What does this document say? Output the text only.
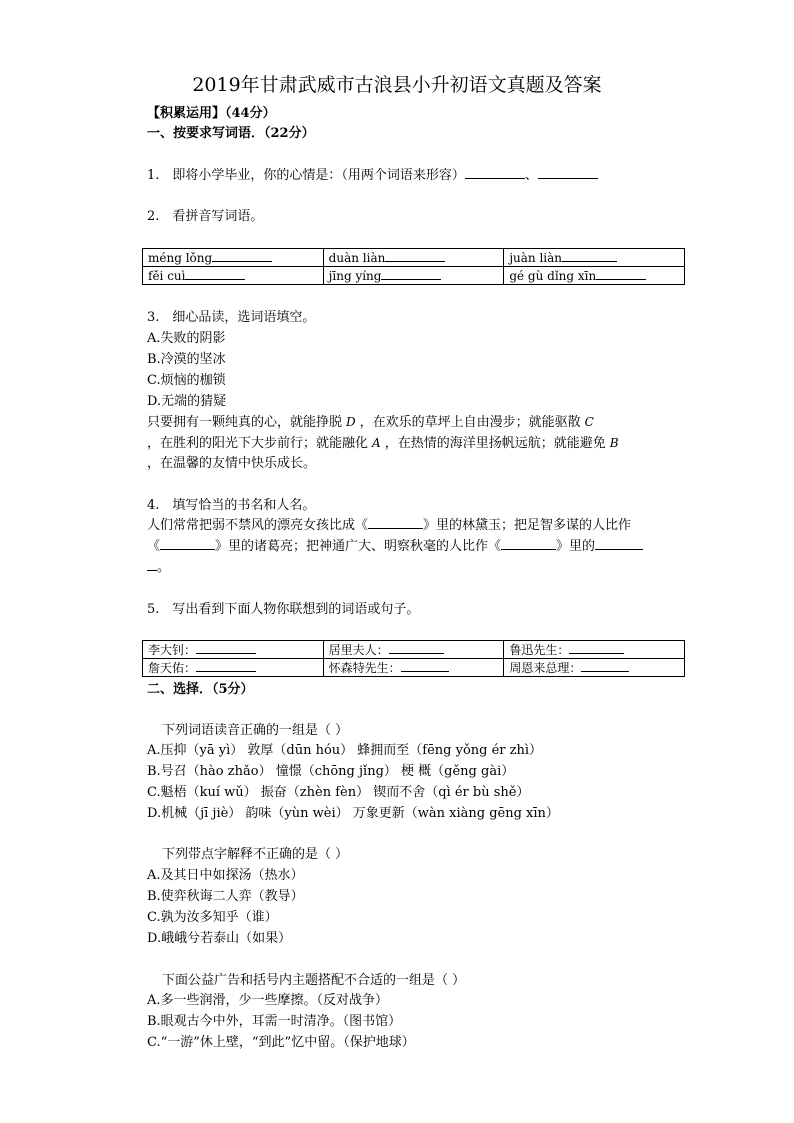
2019年甘肃武威市古浪县小升初语文真题及答案
【积累运用】（44分）
一、按要求写词语．（22分）
1.　即将小学毕业，你的心情是：（用两个词语来形容）	、
2.　看拼音写词语。
méng lǒng	duàn liàn	juàn liàn
fěi cuì	jīng yíng	gé gù dǐng xīn
3.　细心品读，选词语填空。
A.失败的阴影
B.冷漠的坚冰
C.烦恼的枷锁
D.无端的猜疑
只要拥有一颗纯真的心，就能挣脱 D ，在欢乐的草坪上自由漫步；就能驱散 C
，在胜利的阳光下大步前行；就能融化 A ，在热情的海洋里扬帆远航；就能避免 B
，在温馨的友情中快乐成长。
4.　填写恰当的书名和人名。
人们常常把弱不禁风的漂亮女孩比成《	》里的林黛玉；把足智多谋的人比作
《	》里的诸葛亮；把神通广大、明察秋毫的人比作《	》里的
。
5.　写出看到下面人物你联想到的词语或句子。
李大钊：	居里夫人：	鲁迅先生：
詹天佑：	怀森特先生：	周恩来总理：
二、选择．（5分）
下列词语读音正确的一组是（ ）
A.压抑（yā yì） 敦厚（dūn hóu） 蜂拥而至（fēng yǒng ér zhì）
B.号召（hào zhǎo） 憧憬（chōng jǐng） 梗 概（gěng gài）
C.魁梧（kuí wǔ） 振奋（zhèn fèn） 锲而不舍（qì ér bù shě）
D.机械（jī jiè） 韵味（yùn wèi） 万象更新（wàn xiàng gēng xīn）
下列带点字解释不正确的是（ ）
A.及其日中如探汤（热水）
B.使弈秋诲二人弈（教导）
C.孰为汝多知乎（谁）
D.峨峨兮若泰山（如果）
下面公益广告和括号内主题搭配不合适的一组是（ ）
A.多一些润滑，少一些摩擦。（反对战争）
B.眼观古今中外，耳需一时清净。（图书馆）
C.“一游”休上壁，“到此”忆中留。（保护地球）
